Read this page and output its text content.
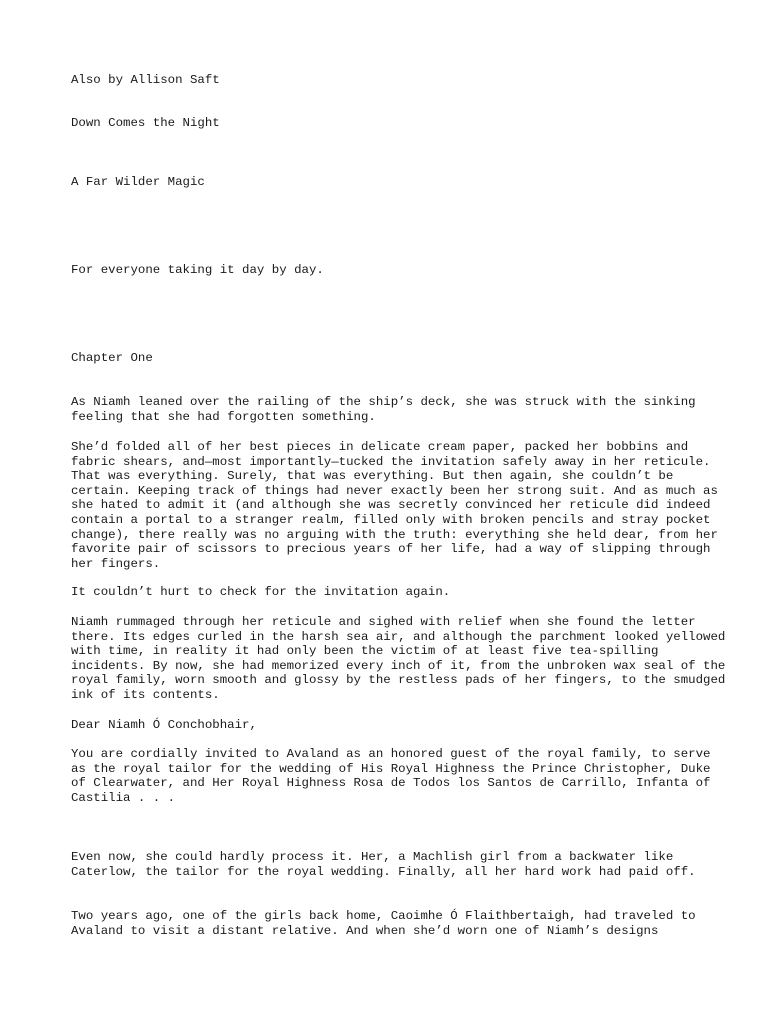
Also by Allison Saft
Down Comes the Night
A Far Wilder Magic
For everyone taking it day by day.
Chapter One

As Niamh leaned over the railing of the ship’s deck, she was struck with the sinking feeling that she had forgotten something.

She’d folded all of her best pieces in delicate cream paper, packed her bobbins and fabric shears, and—most importantly—tucked the invitation safely away in her reticule. That was everything. Surely, that was everything. But then again, she couldn’t be certain. Keeping track of things had never exactly been her strong suit. And as much as she hated to admit it (and although she was secretly convinced her reticule did indeed contain a portal to a stranger realm, filled only with broken pencils and stray pocket change), there really was no arguing with the truth: everything she held dear, from her favorite pair of scissors to precious years of her life, had a way of slipping through her fingers.

It couldn’t hurt to check for the invitation again.

Niamh rummaged through her reticule and sighed with relief when she found the letter there. Its edges curled in the harsh sea air, and although the parchment looked yellowed with time, in reality it had only been the victim of at least five tea-spilling incidents. By now, she had memorized every inch of it, from the unbroken wax seal of the royal family, worn smooth and glossy by the restless pads of her fingers, to the smudged ink of its contents.

Dear Niamh Ó Conchobhair,

You are cordially invited to Avaland as an honored guest of the royal family, to serve as the royal tailor for the wedding of His Royal Highness the Prince Christopher, Duke of Clearwater, and Her Royal Highness Rosa de Todos los Santos de Carrillo, Infanta of Castilia . . .

Even now, she could hardly process it. Her, a Machlish girl from a backwater like Caterlow, the tailor for the royal wedding. Finally, all her hard work had paid off.

Two years ago, one of the girls back home, Caoimhe Ó Flaithbertaigh, had traveled to Avaland to visit a distant relative. And when she’d worn one of Niamh’s designs
